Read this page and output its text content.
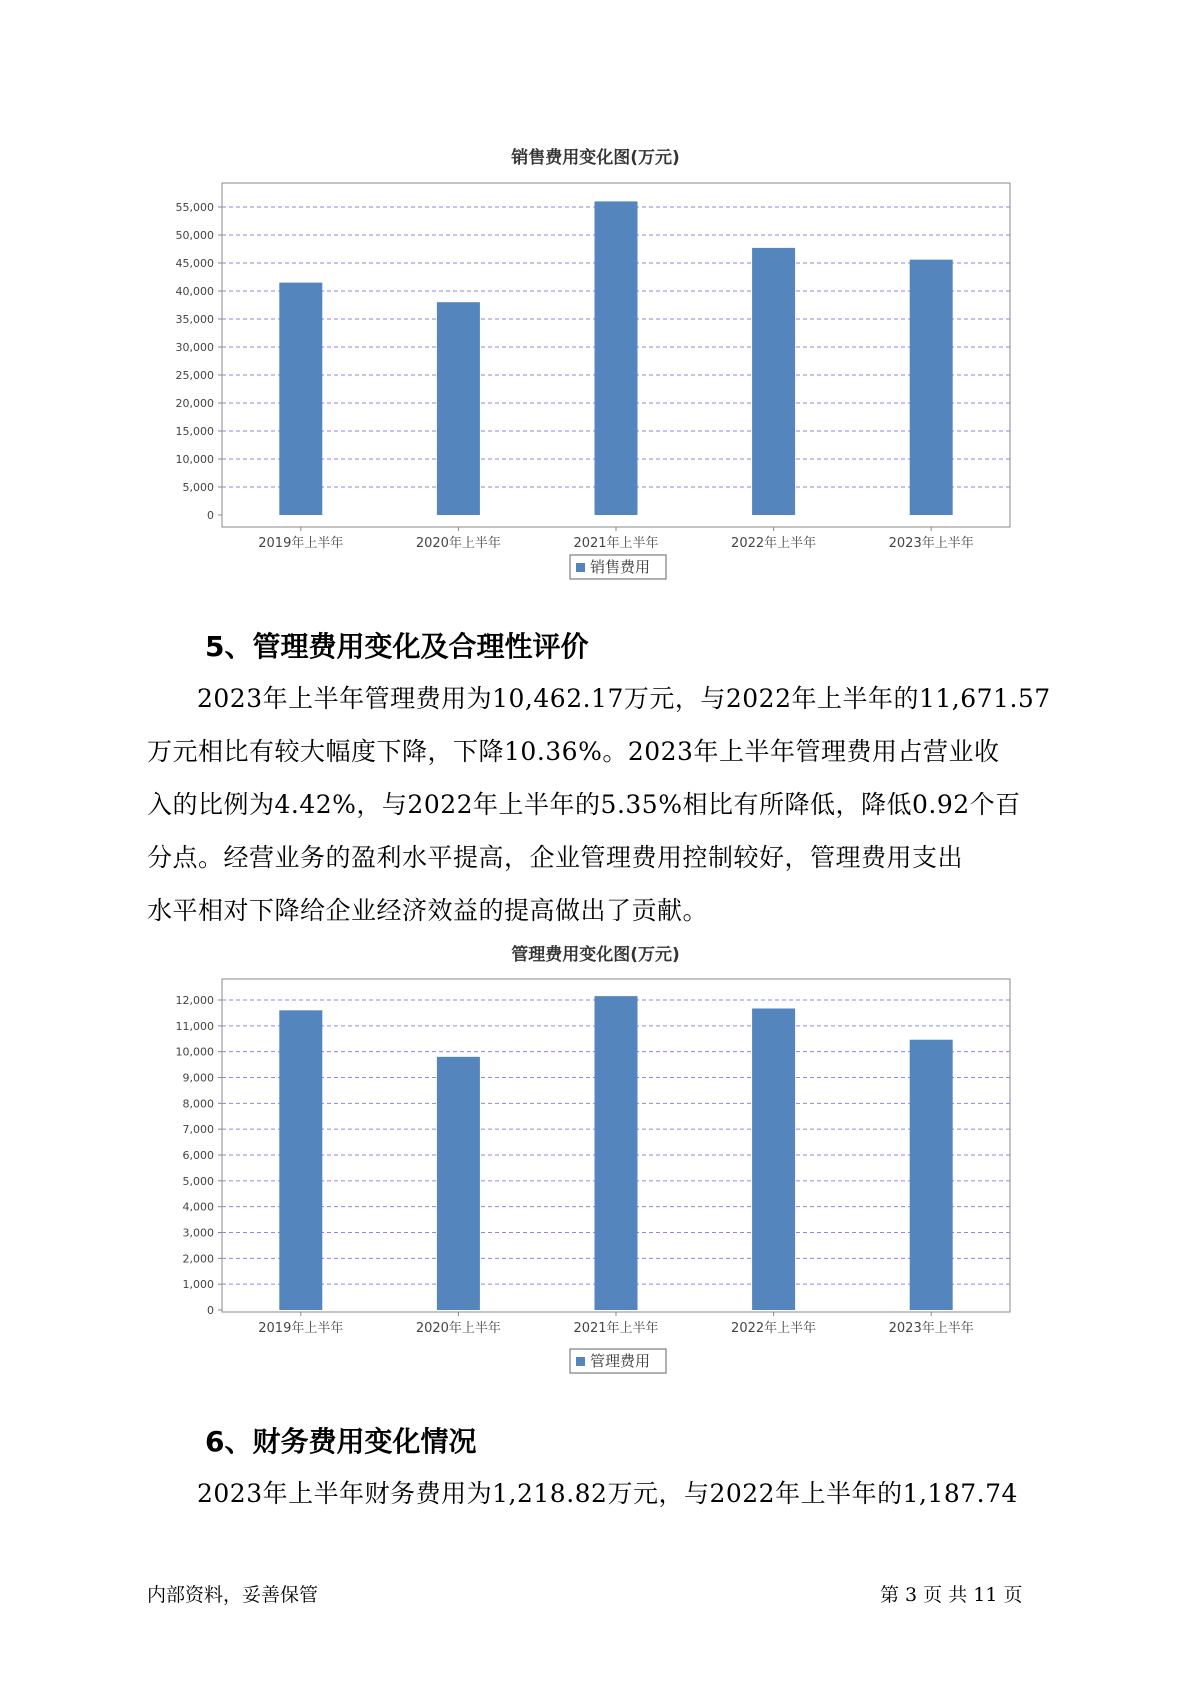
销售费用变化图(万元)
0
5,000
10,000
15,000
20,000
25,000
30,000
35,000
40,000
45,000
50,000
55,000
2019年上半年	2020年上半年	2021年上半年	2022年上半年	2023年上半年
销售费用
5、管理费用变化及合理性评价
2023年上半年管理费用为10,462.17万元，与2022年上半年的11,671.57
万元相比有较大幅度下降，下降10.36%。2023年上半年管理费用占营业收
入的比例为4.42%，与2022年上半年的5.35%相比有所降低，降低0.92个百
分点。经营业务的盈利水平提高，企业管理费用控制较好，管理费用支出
水平相对下降给企业经济效益的提高做出了贡献。
管理费用变化图(万元)
0
1,000
2,000
3,000
4,000
5,000
6,000
7,000
8,000
9,000
10,000
11,000
12,000
2019年上半年	2020年上半年	2021年上半年	2022年上半年	2023年上半年
管理费用
6、财务费用变化情况
2023年上半年财务费用为1,218.82万元，与2022年上半年的1,187.74
内部资料，妥善保管	第 3 页 共 11 页
